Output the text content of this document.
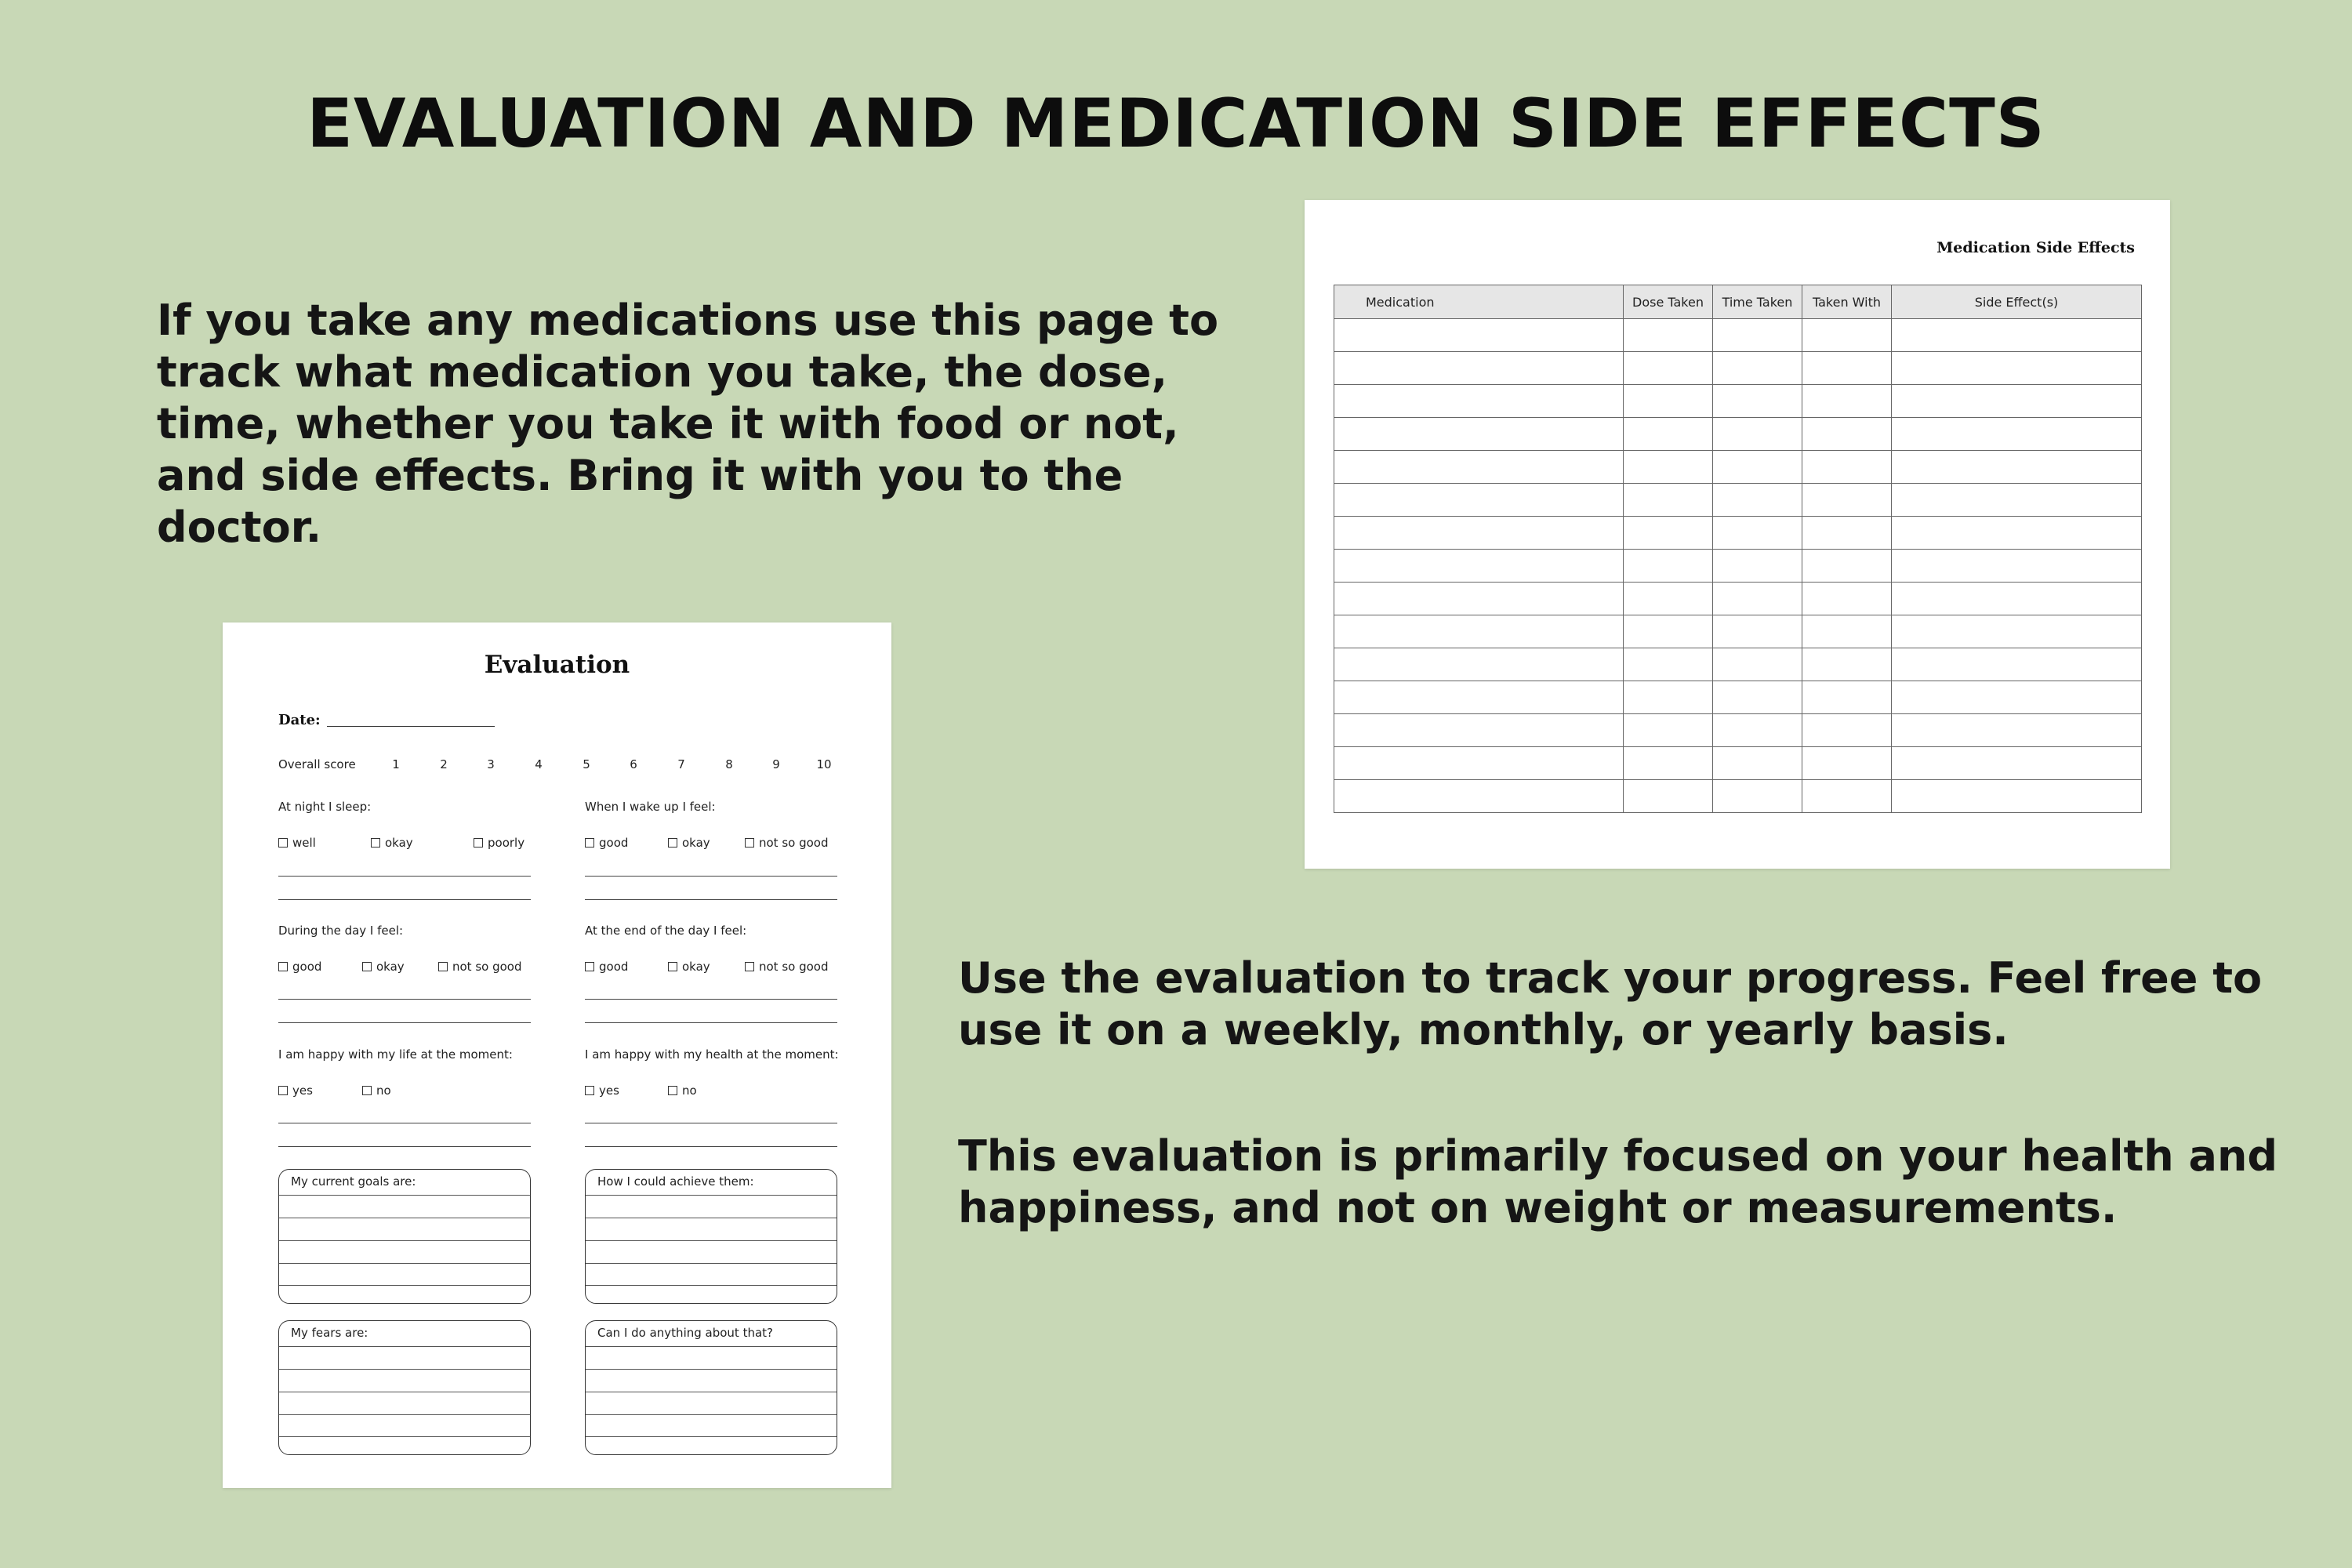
EVALUATION AND MEDICATION SIDE EFFECTS

If you take any medications use this page to track what medication you take, the dose, time, whether you take it with food or not, and side effects. Bring it with you to the doctor.

Use the evaluation to track your progress. Feel free to use it on a weekly, monthly, or yearly basis.

This evaluation is primarily focused on your health and happiness, and not on weight or measurements.

Medication Side Effects
Medication	Dose Taken	Time Taken	Taken With	Side Effect(s)

Evaluation
Date:
Overall score	1	2	3	4	5	6	7	8	9	10
At night I sleep:
well	okay	poorly
When I wake up I feel:
good	okay	not so good
During the day I feel:
good	okay	not so good
At the end of the day I feel:
good	okay	not so good
I am happy with my life at the moment:
yes	no
I am happy with my health at the moment:
yes	no
My current goals are:	How I could achieve them:
My fears are:	Can I do anything about that?
